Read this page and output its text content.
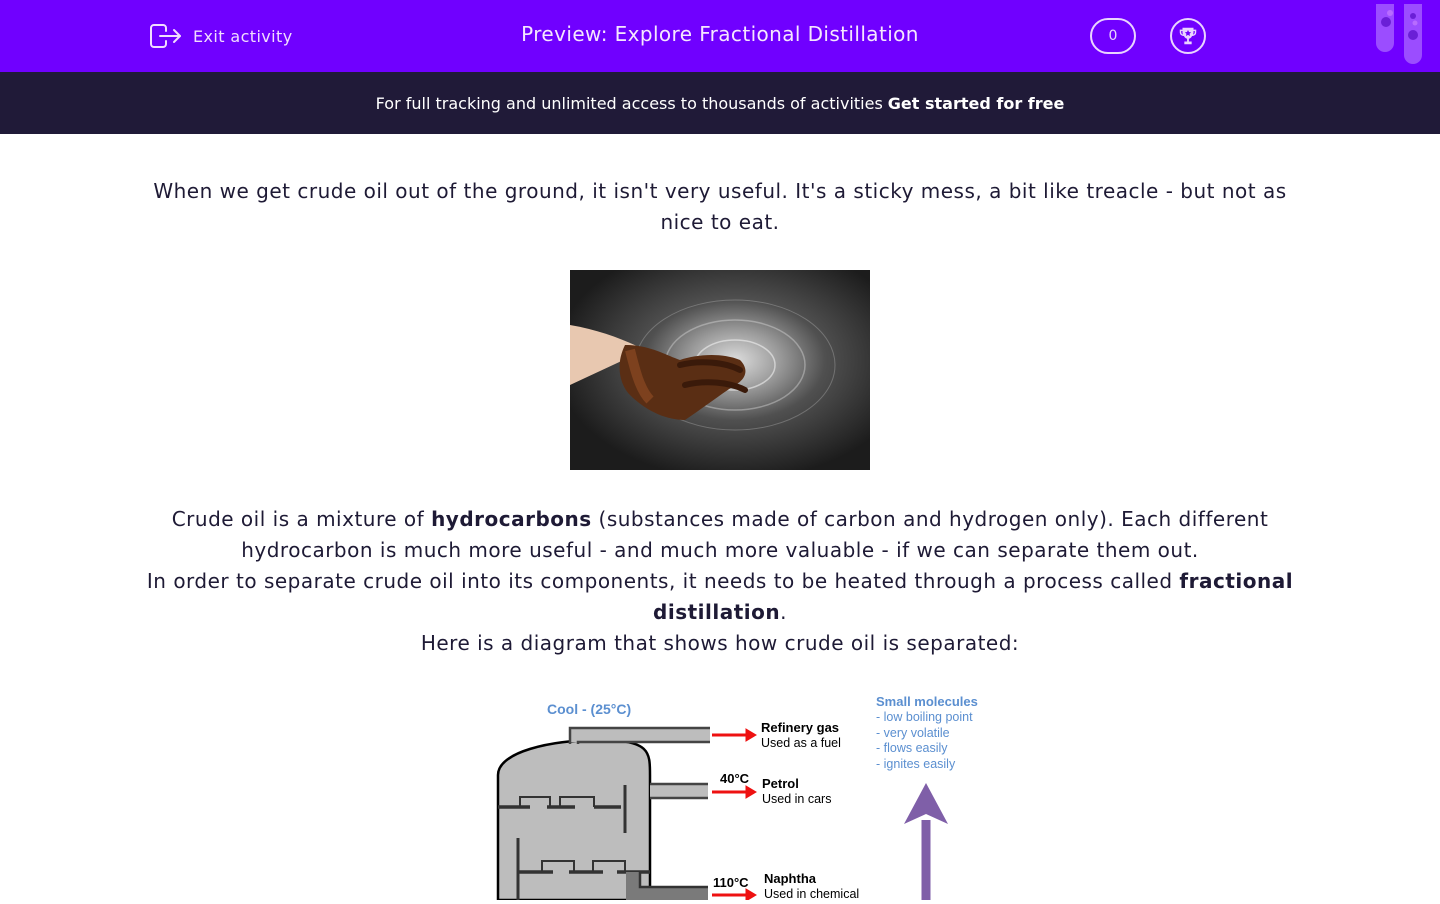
Exit activity	Preview: Explore Fractional Distillation	0
For full tracking and unlimited access to thousands of activities Get started for free

When we get crude oil out of the ground, it isn't very useful. It's a sticky mess, a bit like treacle - but not as nice to eat.

Crude oil is a mixture of hydrocarbons (substances made of carbon and hydrogen only). Each different hydrocarbon is much more useful - and much more valuable - if we can separate them out.
In order to separate crude oil into its components, it needs to be heated through a process called fractional distillation.
Here is a diagram that shows how crude oil is separated:

Cool - (25°C)
Refinery gas
Used as a fuel
40°C Petrol
Used in cars
110°C Naphtha
Used in chemical
Small molecules
- low boiling point
- very volatile
- flows easily
- ignites easily
